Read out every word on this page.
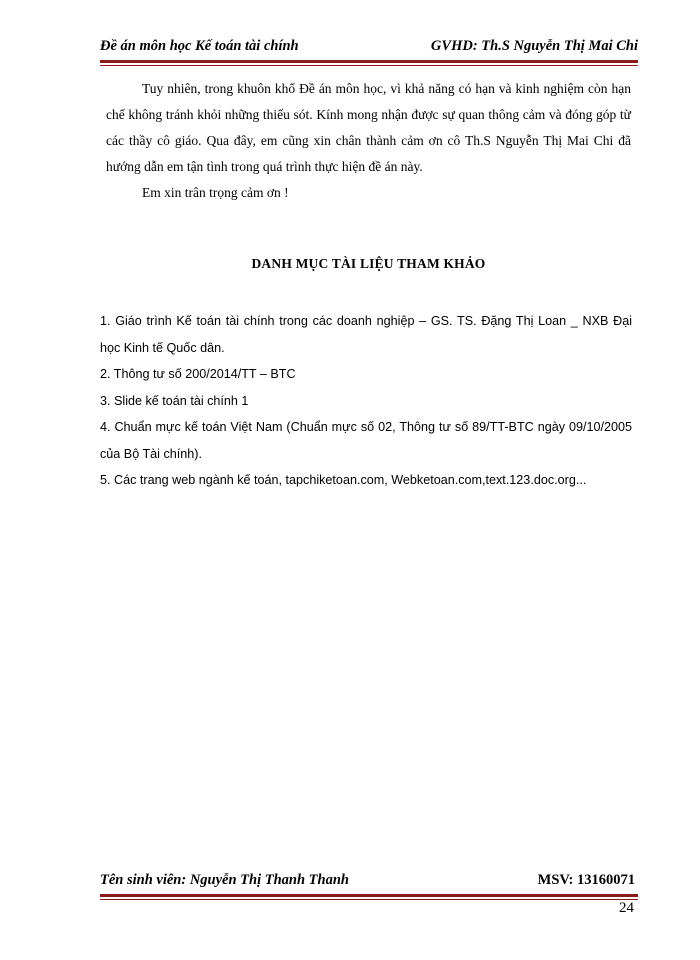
Đề án môn học Kế toán tài chính	GVHD: Th.S Nguyễn Thị Mai Chi

Tuy nhiên, trong khuôn khổ Đề án môn học, vì khả năng có hạn và kinh nghiệm còn hạn chế không tránh khỏi những thiếu sót. Kính mong nhận được sự quan thông cảm và đóng góp từ các thầy cô giáo. Qua đây, em cũng xin chân thành cảm ơn cô Th.S Nguyễn Thị Mai Chi đã hướng dẫn em tận tình trong quá trình thực hiện đề án này.

Em xin trân trọng cảm ơn !

DANH MỤC TÀI LIỆU THAM KHẢO

1. Giáo trình Kế toán tài chính trong các doanh nghiệp – GS. TS. Đặng Thị Loan _ NXB Đại học Kinh tế Quốc dân.

2. Thông tư số 200/2014/TT – BTC

3. Slide kế toán tài chính 1

4. Chuẩn mực kế toán Việt Nam (Chuẩn mực số 02, Thông tư số 89/TT-BTC ngày 09/10/2005 của Bộ Tài chính).

5. Các trang web ngành kế toán, tapchiketoan.com, Webketoan.com,text.123.doc.org...

Tên sinh viên: Nguyễn Thị Thanh Thanh	MSV: 13160071
24
